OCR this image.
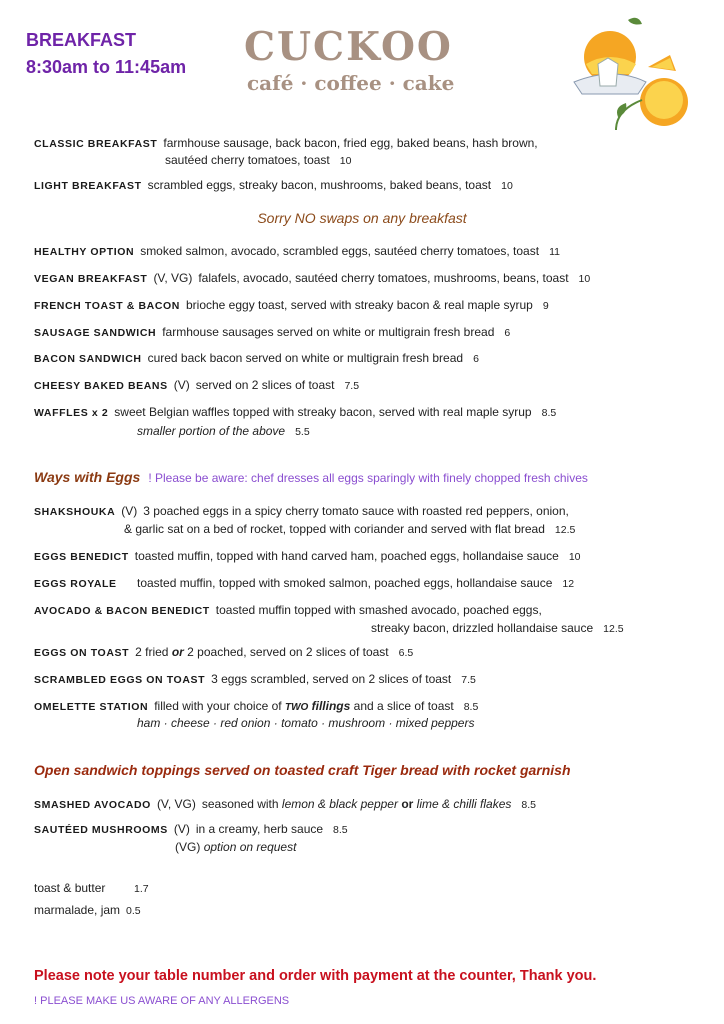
BREAKFAST
8:30am to 11:45am CUCKOO
café · coffee · cake
CLASSIC BREAKFAST farmhouse sausage, back bacon, fried egg, baked beans, hash brown,
sautéed cherry tomatoes, toast 10
LIGHT BREAKFAST scrambled eggs, streaky bacon, mushrooms, baked beans, toast 10
Sorry NO swaps on any breakfast
HEALTHY OPTION smoked salmon, avocado, scrambled eggs, sautéed cherry tomatoes, toast 11
VEGAN BREAKFAST (V, VG) falafels, avocado, sautéed cherry tomatoes, mushrooms, beans, toast 10
FRENCH TOAST & BACON brioche eggy toast, served with streaky bacon & real maple syrup 9
SAUSAGE SANDWICH farmhouse sausages served on white or multigrain fresh bread 6
BACON SANDWICH cured back bacon served on white or multigrain fresh bread 6
CHEESY BAKED BEANS (V) served on 2 slices of toast 7.5
WAFFLES x 2 sweet Belgian waffles topped with streaky bacon, served with real maple syrup 8.5
smaller portion of the above 5.5
Ways with Eggs ! Please be aware: chef dresses all eggs sparingly with finely chopped fresh chives
SHAKSHOUKA (V) 3 poached eggs in a spicy cherry tomato sauce with roasted red peppers, onion,
& garlic sat on a bed of rocket, topped with coriander and served with flat bread 12.5
EGGS BENEDICT toasted muffin, topped with hand carved ham, poached eggs, hollandaise sauce 10
EGGS ROYALE toasted muffin, topped with smoked salmon, poached eggs, hollandaise sauce 12
AVOCADO & BACON BENEDICT toasted muffin topped with smashed avocado, poached eggs,
streaky bacon, drizzled hollandaise sauce 12.5
EGGS ON TOAST 2 fried or 2 poached, served on 2 slices of toast 6.5
SCRAMBLED EGGS ON TOAST 3 eggs scrambled, served on 2 slices of toast 7.5
OMELETTE STATION filled with your choice of TWO fillings and a slice of toast 8.5
ham · cheese · red onion · tomato · mushroom · mixed peppers
Open sandwich toppings served on toasted craft Tiger bread with rocket garnish
SMASHED AVOCADO (V, VG) seasoned with lemon & black pepper or lime & chilli flakes 8.5
SAUTÉED MUSHROOMS (V) in a creamy, herb sauce 8.5
(VG) option on request
toast & butter	1.7
marmalade, jam 0.5
Please note your table number and order with payment at the counter, Thank you.
! PLEASE MAKE US AWARE OF ANY ALLERGENS
